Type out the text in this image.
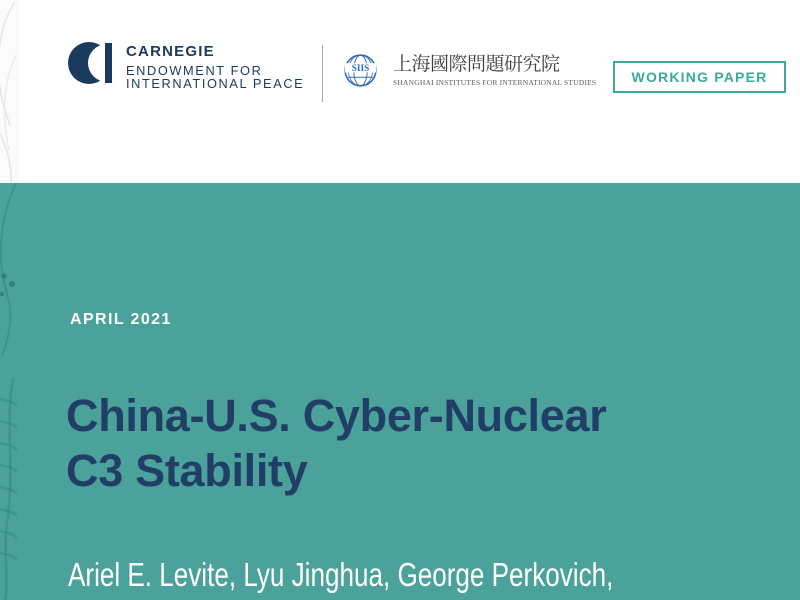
CARNEGIE
ENDOWMENT FOR
INTERNATIONAL PEACE
SIIS 上海國際問題研究院
SHANGHAI INSTITUTES FOR INTERNATIONAL STUDIES	WORKING PAPER
APRIL 2021
China-U.S. Cyber-Nuclear
C3 Stability
Ariel E. Levite, Lyu Jinghua, George Perkovich,
